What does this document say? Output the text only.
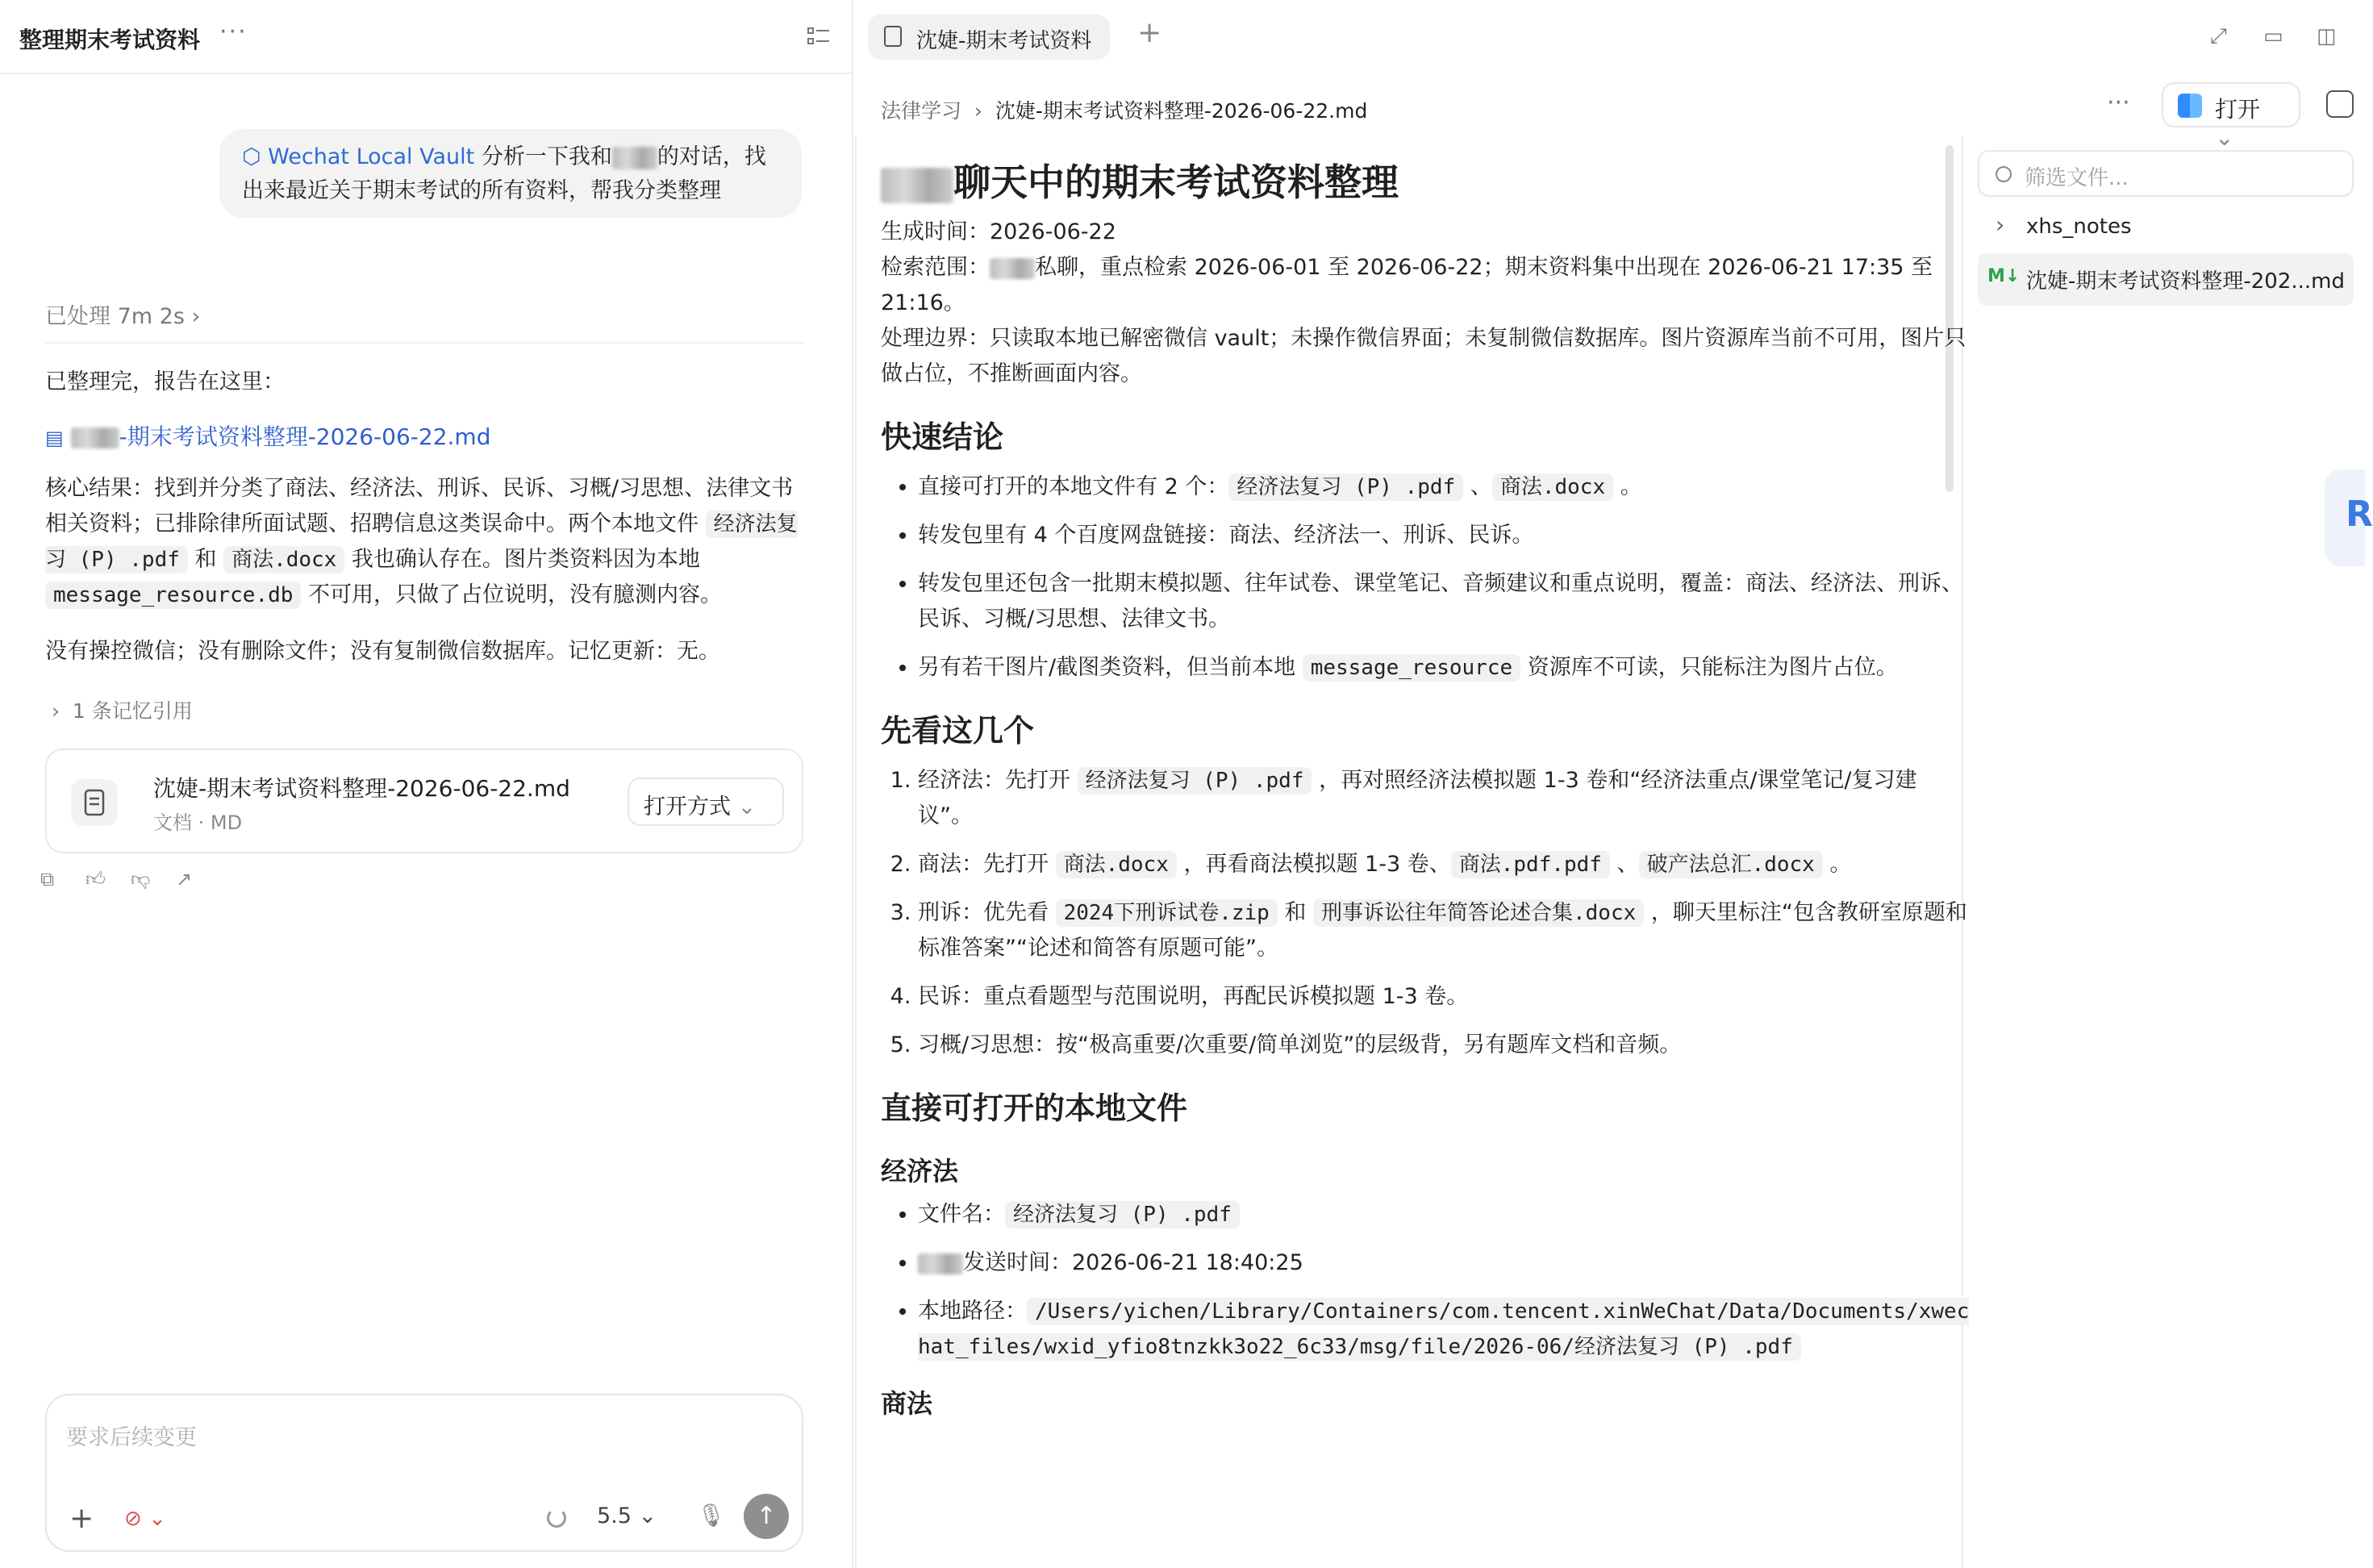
整理期末考试资料 ···
⬡ Wechat Local Vault 分析一下我和 的对话，找出来最近关于期末考试的所有资料，帮我分类整理
已处理 7m 2s ›
已整理完，报告在这里：
▤ -期末考试资料整理-2026-06-22.md
核心结果：找到并分类了商法、经济法、刑诉、民诉、习概/习思想、法律文书相关资料；已排除律所面试题、招聘信息这类误命中。两个本地文件 经济法复习 (P) .pdf 和 商法.docx 我也确认存在。图片类资料因为本地 message_resource.db 不可用，只做了占位说明，没有臆测内容。
没有操控微信；没有删除文件；没有复制微信数据库。记忆更新：无。
› 1 条记忆引用
沈婕-期末考试资料整理-2026-06-22.md
文档 · MD
打开方式 ⌄
⧉	👍︎ 👎︎ ↗
要求后续变更
+ ⊘ ⌄	5.5 ⌄ 🎙︎	↑
沈婕-期末考试资料	+	⤢	▭ ◫
法律学习 › 沈婕-期末考试资料整理-2026-06-22.md	···	打开 ⌄
聊天中的期末考试资料整理
生成时间：2026-06-22
检索范围： 私聊，重点检索 2026-06-01 至 2026-06-22；期末资料集中出现在 2026-06-21 17:35 至 21:16。
处理边界：只读取本地已解密微信 vault；未操作微信界面；未复制微信数据库。图片资源库当前不可用，图片只做占位，不推断画面内容。
快速结论
• 直接可打开的本地文件有 2 个： 经济法复习 (P) .pdf 、 商法.docx 。
• 转发包里有 4 个百度网盘链接：商法、经济法一、刑诉、民诉。
• 转发包里还包含一批期末模拟题、往年试卷、课堂笔记、音频建议和重点说明，覆盖：商法、经济法、刑诉、民诉、习概/习思想、法律文书。
• 另有若干图片/截图类资料，但当前本地 message_resource 资源库不可读，只能标注为图片占位。
先看这几个
1. 经济法：先打开 经济法复习 (P) .pdf ，再对照经济法模拟题 1-3 卷和“经济法重点/课堂笔记/复习建议”。
2. 商法：先打开 商法.docx ，再看商法模拟题 1-3 卷、 商法.pdf.pdf 、 破产法总汇.docx 。
3. 刑诉：优先看 2024下刑诉试卷.zip 和 刑事诉讼往年简答论述合集.docx ，聊天里标注“包含教研室原题和标准答案”“论述和简答有原题可能”。
4. 民诉：重点看题型与范围说明，再配民诉模拟题 1-3 卷。
5. 习概/习思想：按“极高重要/次重要/简单浏览”的层级背，另有题库文档和音频。
直接可打开的本地文件
经济法
• 文件名： 经济法复习 (P) .pdf
• 发送时间：2026-06-21 18:40:25
• 本地路径： /Users/yichen/Library/Containers/com.tencent.xinWeChat/Data/Documents/xwechat_files/wxid_yfio8tnzkk3o22_6c33/msg/file/2026-06/经济法复习 (P) .pdf
商法
筛选文件...
› xhs_notes
M↓ 沈婕-期末考试资料整理-202...md
R
